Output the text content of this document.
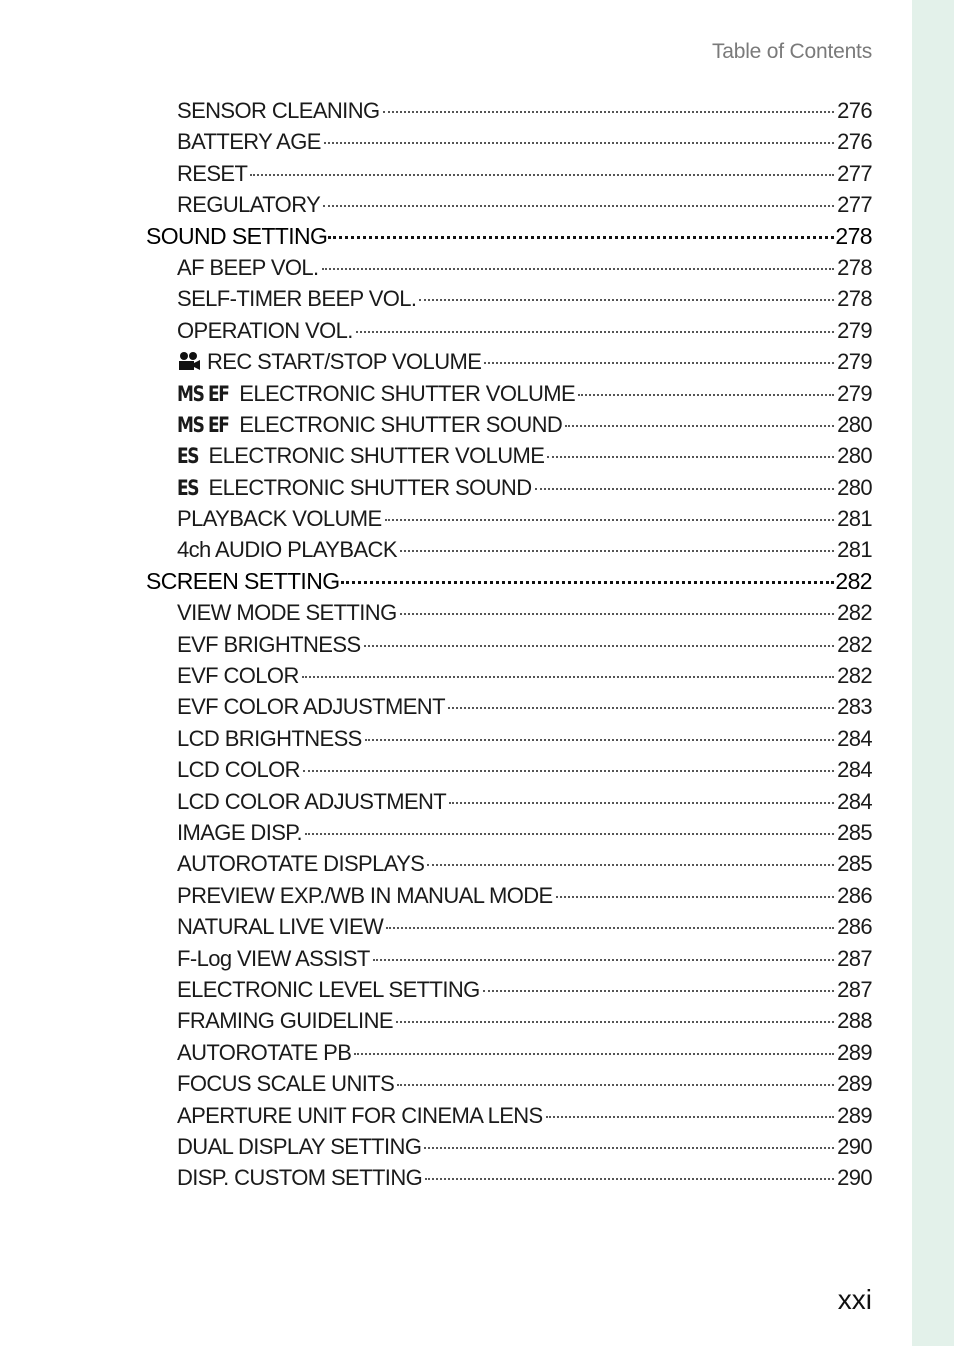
Table of Contents
SENSOR CLEANING	276
BATTERY AGE	276
RESET	277
REGULATORY	277
SOUND SETTING	278
AF BEEP VOL.	278
SELF-TIMER BEEP VOL.	278
OPERATION VOL.	279
REC START/STOP VOLUME	279
MS EF ELECTRONIC SHUTTER VOLUME	279
MS EF ELECTRONIC SHUTTER SOUND	280
ES ELECTRONIC SHUTTER VOLUME	280
ES ELECTRONIC SHUTTER SOUND	280
PLAYBACK VOLUME	281
4ch AUDIO PLAYBACK	281
SCREEN SETTING	282
VIEW MODE SETTING	282
EVF BRIGHTNESS	282
EVF COLOR	282
EVF COLOR ADJUSTMENT	283
LCD BRIGHTNESS	284
LCD COLOR	284
LCD COLOR ADJUSTMENT	284
IMAGE DISP.	285
AUTOROTATE DISPLAYS	285
PREVIEW EXP./WB IN MANUAL MODE	286
NATURAL LIVE VIEW	286
F-Log VIEW ASSIST	287
ELECTRONIC LEVEL SETTING	287
FRAMING GUIDELINE	288
AUTOROTATE PB	289
FOCUS SCALE UNITS	289
APERTURE UNIT FOR CINEMA LENS	289
DUAL DISPLAY SETTING	290
DISP. CUSTOM SETTING	290
xxi
